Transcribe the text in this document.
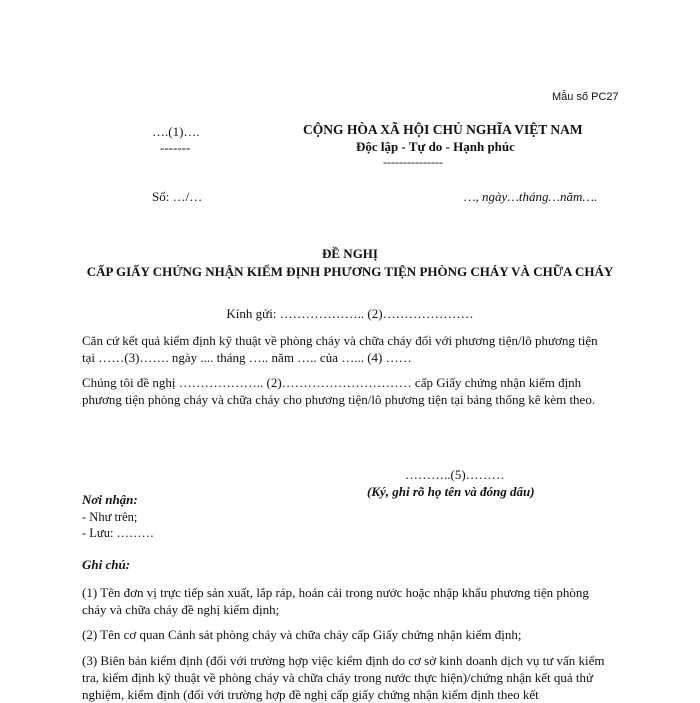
Mẫu số PC27
….(1)….
-------
CỘNG HÒA XÃ HỘI CHỦ NGHĨA VIỆT NAM
Độc lập - Tự do - Hạnh phúc
---------------
Số: …/…	…, ngày…tháng…năm….
ĐỀ NGHỊ
CẤP GIẤY CHỨNG NHẬN KIỂM ĐỊNH PHƯƠNG TIỆN PHÒNG CHÁY VÀ CHỮA CHÁY
Kính gửi: ……………….. (2)…………………
Căn cứ kết quả kiểm định kỹ thuật về phòng cháy và chữa cháy đối với phương tiện/lô phương tiện tại ……(3)……. ngày .... tháng ….. năm ….. của …... (4) ……
Chúng tôi đề nghị ……………….. (2)………………………… cấp Giấy chứng nhận kiểm định phương tiện phòng cháy và chữa cháy cho phương tiện/lô phương tiện tại bảng thống kê kèm theo.
………..(5)………
(Ký, ghi rõ họ tên và đóng dấu)
Nơi nhận:
- Như trên;
- Lưu: ………
Ghi chú:
(1) Tên đơn vị trực tiếp sản xuất, lắp ráp, hoán cải trong nước hoặc nhập khẩu phương tiện phòng cháy và chữa cháy đề nghị kiểm định;
(2) Tên cơ quan Cảnh sát phòng cháy và chữa cháy cấp Giấy chứng nhận kiểm định;
(3) Biên bản kiểm định (đối với trường hợp việc kiểm định do cơ sở kinh doanh dịch vụ tư vấn kiểm tra, kiểm định kỹ thuật về phòng cháy và chữa cháy trong nước thực hiện)/chứng nhận kết quả thử nghiệm, kiểm định (đối với trường hợp đề nghị cấp giấy chứng nhận kiểm định theo kết
